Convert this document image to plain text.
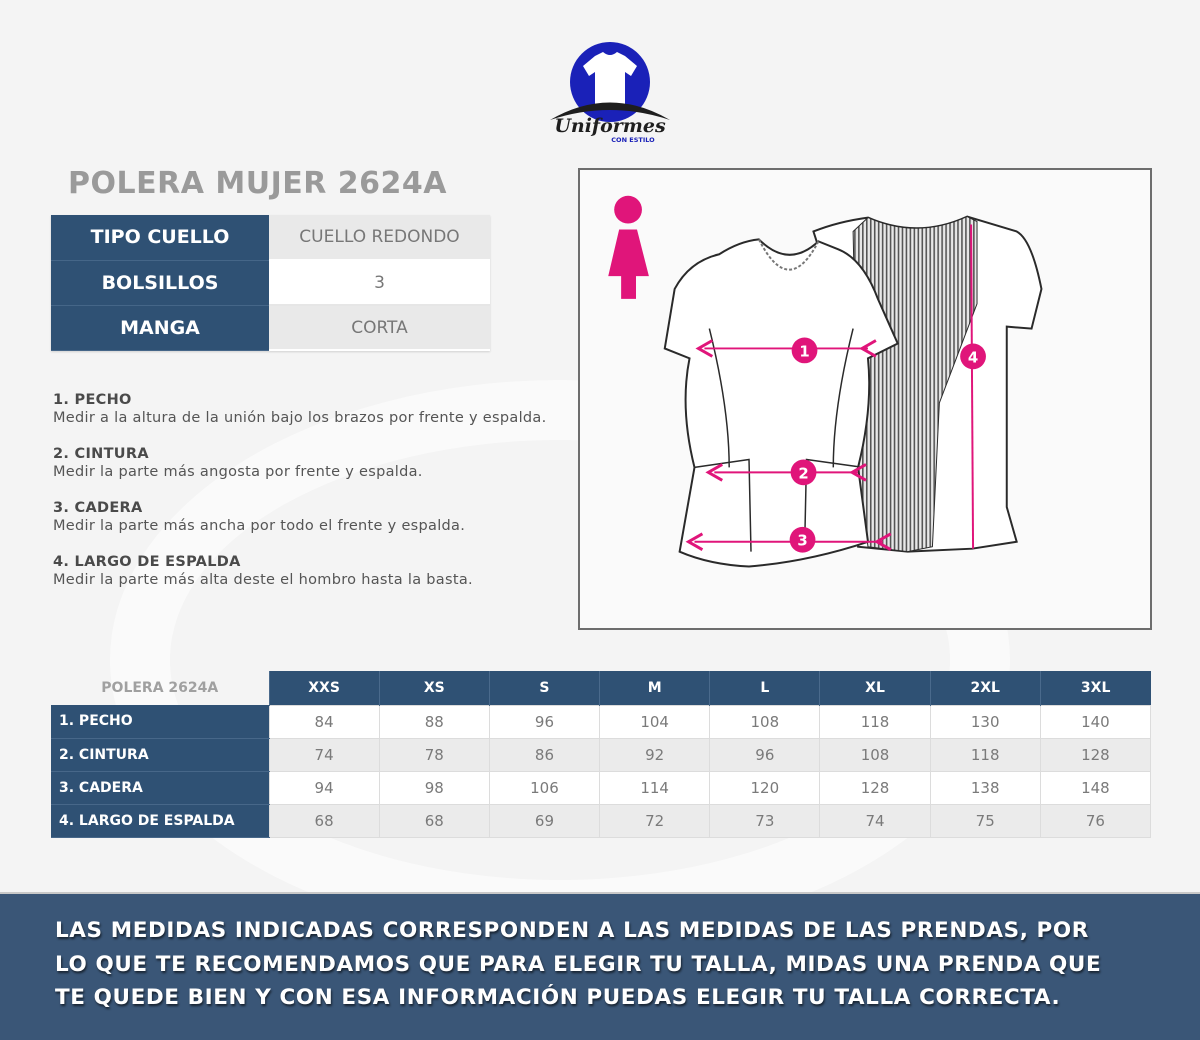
Uniformes
CON ESTILO
POLERA MUJER 2624A
TIPO CUELLO	CUELLO REDONDO
BOLSILLOS	3
MANGA	CORTA
1. PECHO
Medir a la altura de la unión bajo los brazos por frente y espalda.
2. CINTURA
Medir la parte más angosta por frente y espalda.
3. CADERA
Medir la parte más ancha por todo el frente y espalda.
4. LARGO DE ESPALDA
Medir la parte más alta deste el hombro hasta la basta.
4
1
2
3
POLERA 2624A	XXS	XS	S	M	L	XL	2XL	3XL
1. PECHO	84	88	96	104	108	118	130	140
2. CINTURA	74	78	86	92	96	108	118	128
3. CADERA	94	98	106	114	120	128	138	148
4. LARGO DE ESPALDA	68	68	69	72	73	74	75	76

LAS MEDIDAS INDICADAS CORRESPONDEN A LAS MEDIDAS DE LAS PRENDAS, POR

LO QUE TE RECOMENDAMOS QUE PARA ELEGIR TU TALLA, MIDAS UNA PRENDA QUE

TE QUEDE BIEN Y CON ESA INFORMACIÓN PUEDAS ELEGIR TU TALLA CORRECTA.
